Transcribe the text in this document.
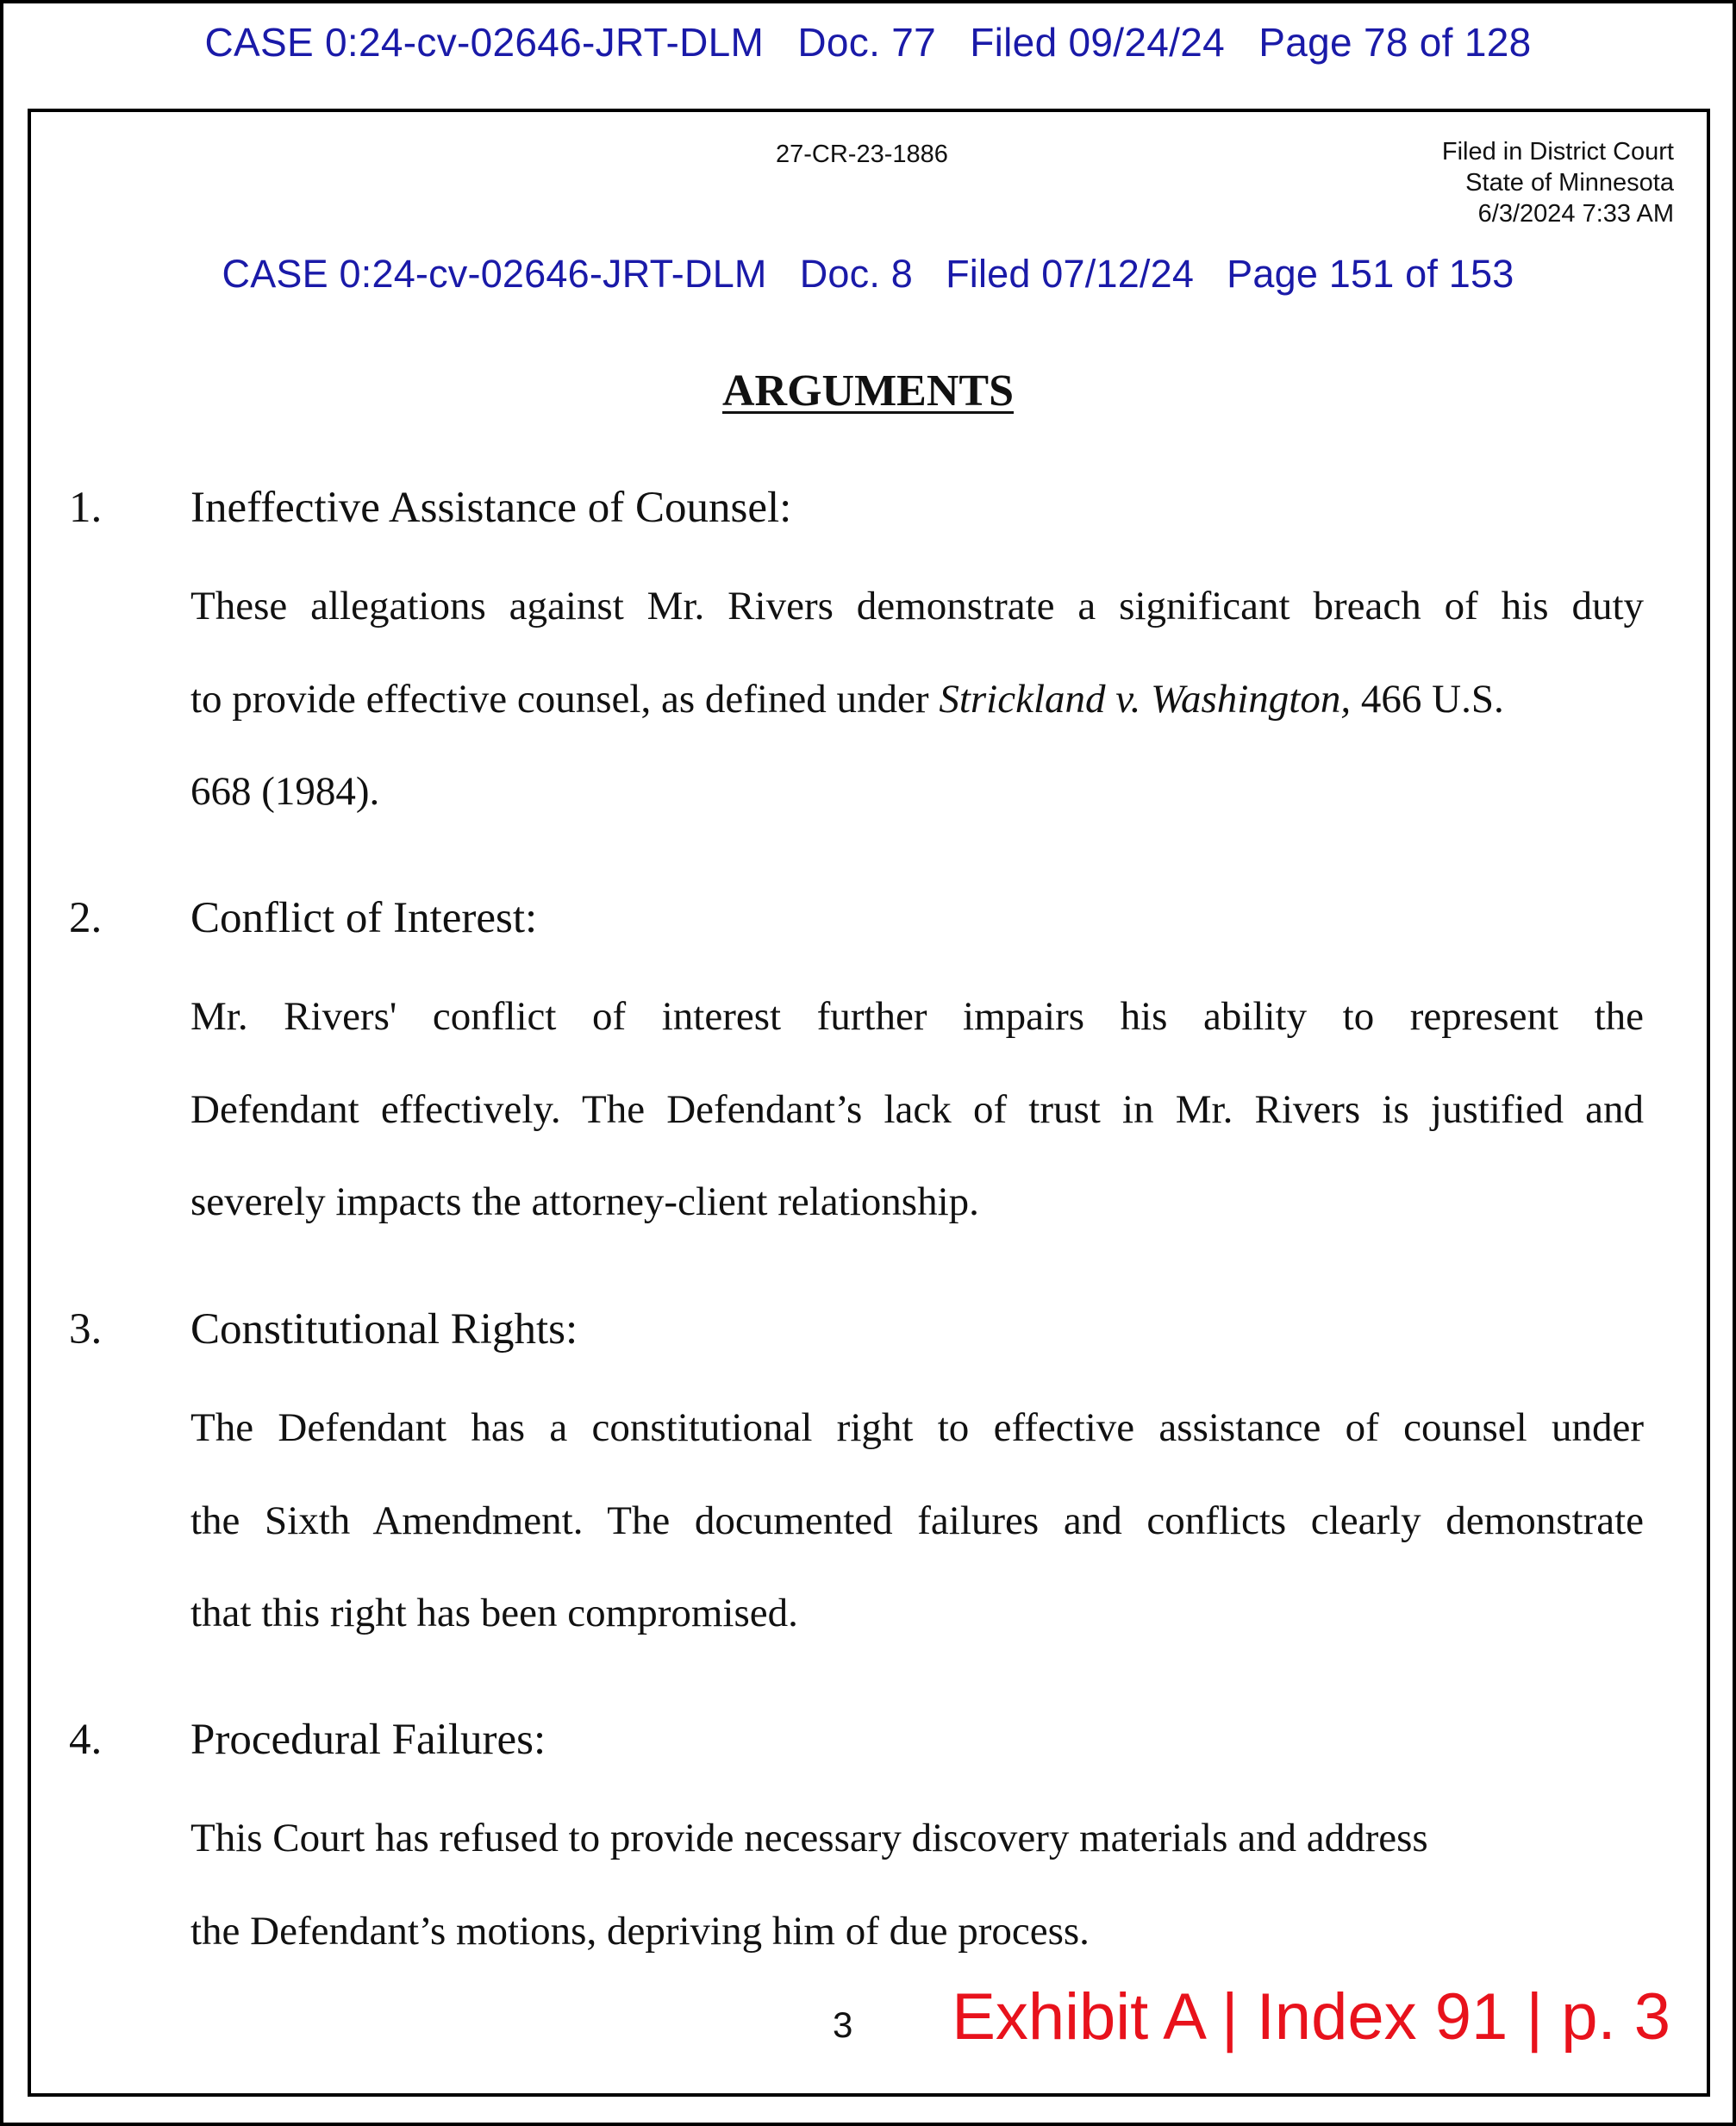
CASE 0:24-cv-02646-JRT-DLM   Doc. 77   Filed 09/24/24   Page 78 of 128
27-CR-23-1886	Filed in District Court
State of Minnesota
6/3/2024 7:33 AM
CASE 0:24-cv-02646-JRT-DLM   Doc. 8   Filed 07/12/24   Page 151 of 153
ARGUMENTS
1. Ineffective Assistance of Counsel:
These allegations against Mr. Rivers demonstrate a significant breach of his duty
to provide effective counsel, as defined under Strickland v. Washington, 466 U.S.
668 (1984).
2. Conflict of Interest:
Mr. Rivers' conflict of interest further impairs his ability to represent the
Defendant effectively. The Defendant’s lack of trust in Mr. Rivers is justified and
severely impacts the attorney-client relationship.
3. Constitutional Rights:
The Defendant has a constitutional right to effective assistance of counsel under
the Sixth Amendment. The documented failures and conflicts clearly demonstrate
that this right has been compromised.
4. Procedural Failures:
This Court has refused to provide necessary discovery materials and address
the Defendant’s motions, depriving him of due process.
3 Exhibit A | Index 91 | p. 3
